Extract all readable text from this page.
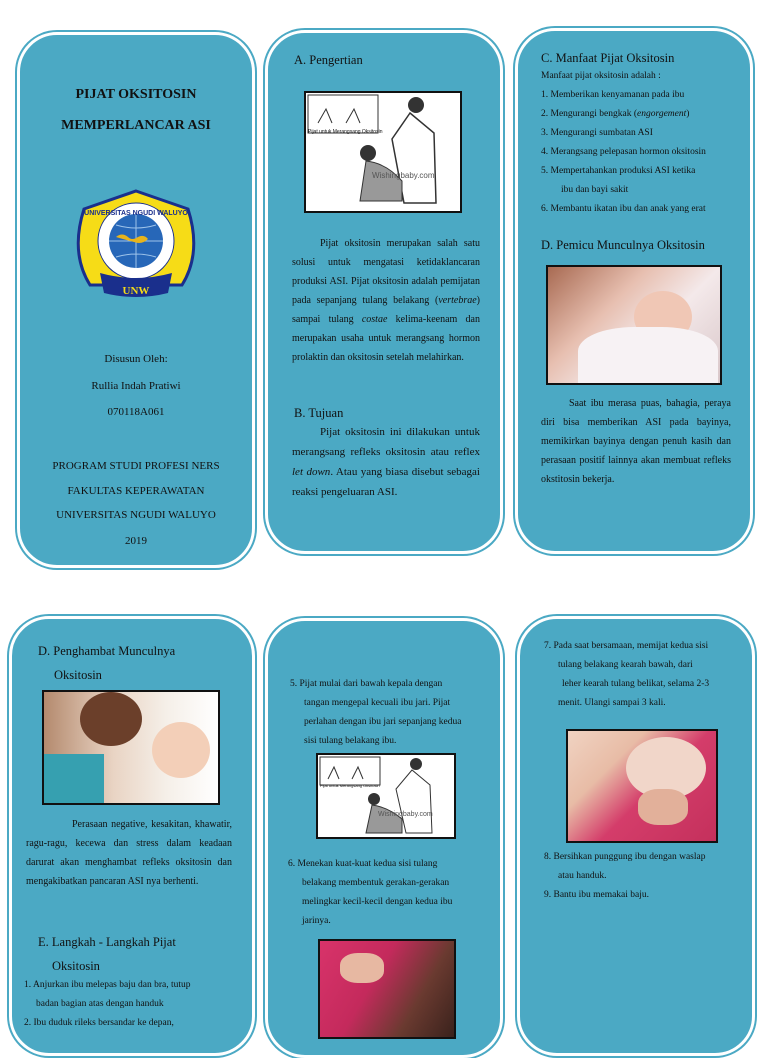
PIJAT OKSITOSIN

MEMPERLANCAR ASI

UNIVERSITAS NGUDI WALUYO
UNW

Disusun Oleh:

Rullia Indah Pratiwi

070118A061

PROGRAM STUDI PROFESI NERS

FAKULTAS KEPERAWATAN

UNIVERSITAS NGUDI WALUYO

2019

A. Pengertian
Pijat untuk Merangsang Oksitosin
Wishingbaby.com

Pijat oksitosin merupakan salah satu solusi untuk mengatasi ketidaklancaran produksi ASI. Pijat oksitosin adalah pemijatan pada sepanjang tulang belakang (vertebrae) sampai tulang costae kelima-keenam dan merupakan usaha untuk merangsang hormon prolaktin dan oksitosin setelah melahirkan.

B. Tujuan

Pijat oksitosin ini dilakukan untuk merangsang refleks oksitosin atau reflex let down. Atau yang biasa disebut sebagai reaksi pengeluaran ASI.

C. Manfaat Pijat Oksitosin
Manfaat pijat oksitosin adalah :
1. Memberikan kenyamanan pada ibu
2. Mengurangi bengkak (engorgement)
3. Mengurangi sumbatan ASI
4. Merangsang pelepasan hormon oksitosin
5. Mempertahankan produksi ASI ketika
ibu dan bayi sakit
6. Membantu ikatan ibu dan anak yang erat
D. Pemicu Munculnya Oksitosin

Saat ibu merasa puas, bahagia, peraya diri bisa memberikan ASI pada bayinya, memikirkan bayinya dengan penuh kasih dan perasaan positif lainnya akan membuat refleks okstitosin bekerja.

D. Penghambat Munculnya
Oksitosin

Perasaan negative, kesakitan, khawatir, ragu-ragu, kecewa dan stress dalam keadaan darurat akan menghambat refleks oksitosin dan mengakibatkan pancaran ASI nya berhenti.

E. Langkah - Langkah Pijat
Oksitosin
1. Anjurkan ibu melepas baju dan bra, tutup
badan bagian atas dengan handuk
2. Ibu duduk rileks bersandar ke depan,
5. Pijat mulai dari bawah kepala dengan
tangan mengepal kecuali ibu jari. Pijat
perlahan dengan ibu jari sepanjang kedua
sisi tulang belakang ibu.
Pijat untuk Merangsang Oksitosin
Wishingbaby.com
6. Menekan kuat-kuat kedua sisi tulang
belakang membentuk gerakan-gerakan
melingkar kecil-kecil dengan kedua ibu
jarinya.
7. Pada saat bersamaan, memijat kedua sisi
tulang belakang kearah bawah, dari
leher kearah tulang belikat, selama 2-3
menit. Ulangi sampai 3 kali.
8. Bersihkan punggung ibu dengan waslap
atau handuk.
9. Bantu ibu memakai baju.
